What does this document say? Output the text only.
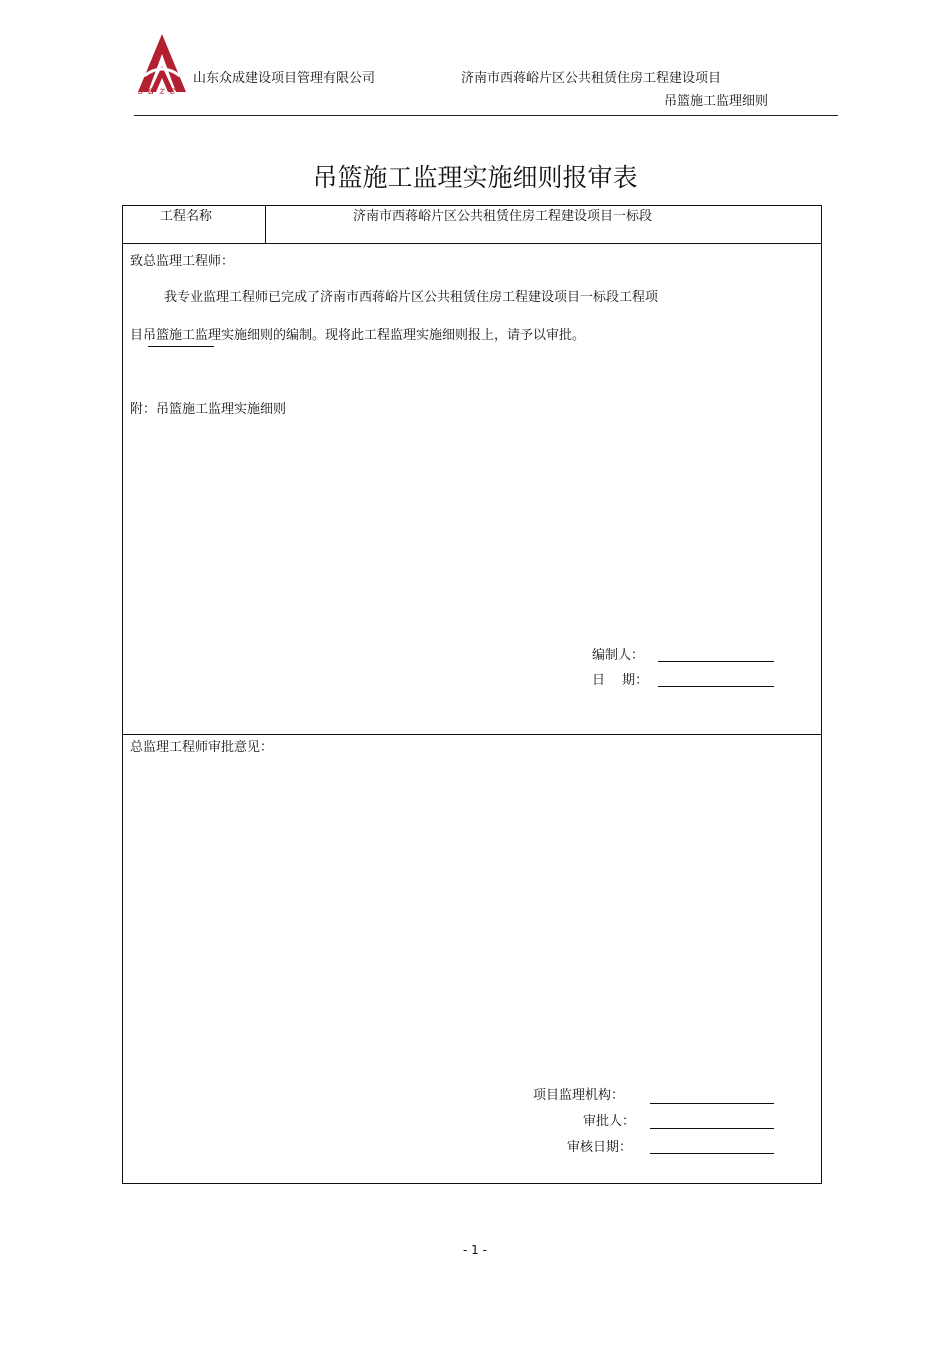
sdzc
山东众成建设项目管理有限公司	济南市西蒋峪片区公共租赁住房工程建设项目
吊篮施工监理细则
吊篮施工监理实施细则报审表
工程名称	济南市西蒋峪片区公共租赁住房工程建设项目一标段
致总监理工程师：
我专业监理工程师已完成了济南市西蒋峪片区公共租赁住房工程建设项目一标段工程项
目吊篮施工监理实施细则的编制。现将此工程监理实施细则报上，请予以审批。
附：吊篮施工监理实施细则
编制人：
日　 期：
总监理工程师审批意见：
项目监理机构：
审批人：
审核日期：
- 1 -
